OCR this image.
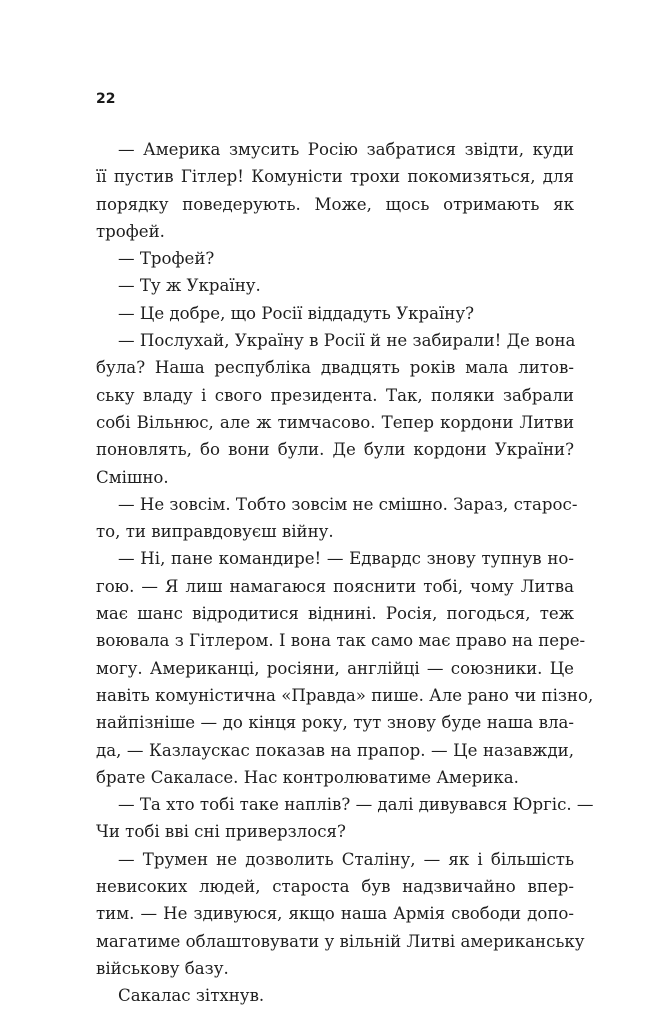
22
— Америка змусить Росію забратися звідти, куди
її пустив Гітлер! Комуністи трохи покомизяться, для
порядку поведерують. Може, щось отримають як
трофей.
— Трофей?
— Ту ж Україну.
— Це добре, що Росії віддадуть Україну?
— Послухай, Україну в Росії й не забирали! Де вона
була? Наша республіка двадцять років мала литов-
ську владу і свого президента. Так, поляки забрали
собі Вільнюс, але ж тимчасово. Тепер кордони Литви
поновлять, бо вони були. Де були кордони України?
Смішно.
— Не зовсім. Тобто зовсім не смішно. Зараз, старос-
то, ти виправдовуєш війну.
— Ні, пане командире! — Едвардс знову тупнув но-
гою. — Я лиш намагаюся пояснити тобі, чому Литва
має шанс відродитися віднині. Росія, погодься, теж
воювала з Гітлером. І вона так само має право на пере-
могу. Американці, росіяни, англійці — союзники. Це
навіть комуністична «Правда» пише. Але рано чи пізно,
найпізніше — до кінця року, тут знову буде наша вла-
да, — Казлаускас показав на прапор. — Це назавжди,
брате Сакаласе. Нас контролюватиме Америка.
— Та хто тобі таке наплів? — далі дивувався Юргіс. —
Чи тобі вві сні приверзлося?
— Трумен не дозволить Сталіну, — як і більшість
невисоких людей, староста був надзвичайно впер-
тим. — Не здивуюся, якщо наша Армія свободи допо-
магатиме облаштовувати у вільній Литві американську
військову базу.
Сакалас зітхнув.
